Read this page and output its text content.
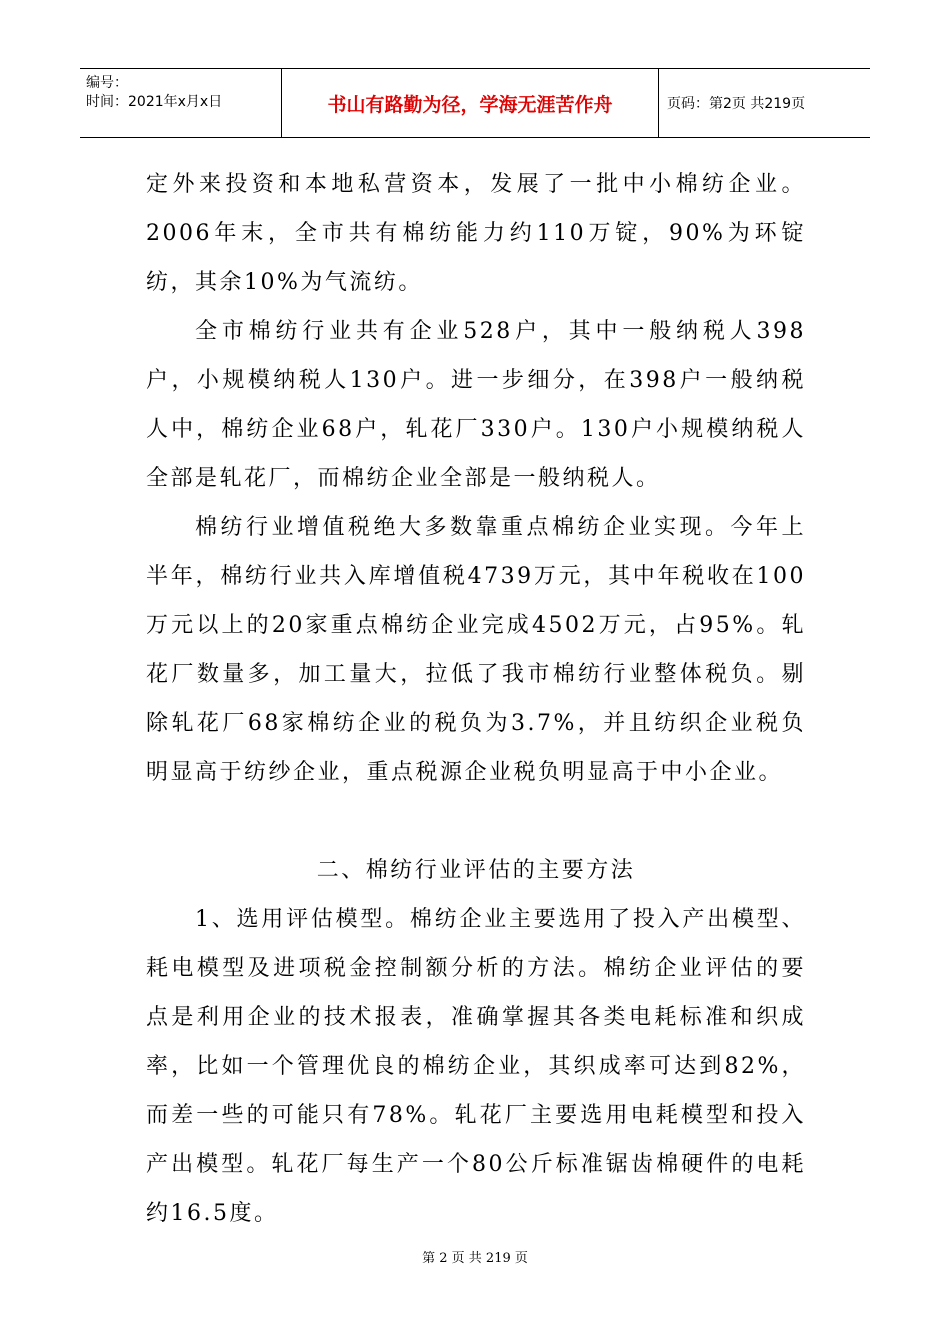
编号：
时间：2021年x月x日	书山有路勤为径，学海无涯苦作舟	页码：第2页 共219页

定外来投资和本地私营资本，发展了一批中小棉纺企业。2006年末，全市共有棉纺能力约110万锭，90%为环锭纺，其余10%为气流纺。

全市棉纺行业共有企业528户，其中一般纳税人398户，小规模纳税人130户。进一步细分，在398户一般纳税人中，棉纺企业68户，轧花厂330户。130户小规模纳税人全部是轧花厂，而棉纺企业全部是一般纳税人。

棉纺行业增值税绝大多数靠重点棉纺企业实现。今年上半年，棉纺行业共入库增值税4739万元，其中年税收在100万元以上的20家重点棉纺企业完成4502万元，占95%。轧花厂数量多，加工量大，拉低了我市棉纺行业整体税负。剔除轧花厂68家棉纺企业的税负为3.7%，并且纺织企业税负明显高于纺纱企业，重点税源企业税负明显高于中小企业。

二、棉纺行业评估的主要方法

1、选用评估模型。棉纺企业主要选用了投入产出模型、耗电模型及进项税金控制额分析的方法。棉纺企业评估的要点是利用企业的技术报表，准确掌握其各类电耗标准和织成率，比如一个管理优良的棉纺企业，其织成率可达到82%，而差一些的可能只有78%。轧花厂主要选用电耗模型和投入产出模型。轧花厂每生产一个80公斤标准锯齿棉硬件的电耗约16.5度。

第 2 页 共 219 页
